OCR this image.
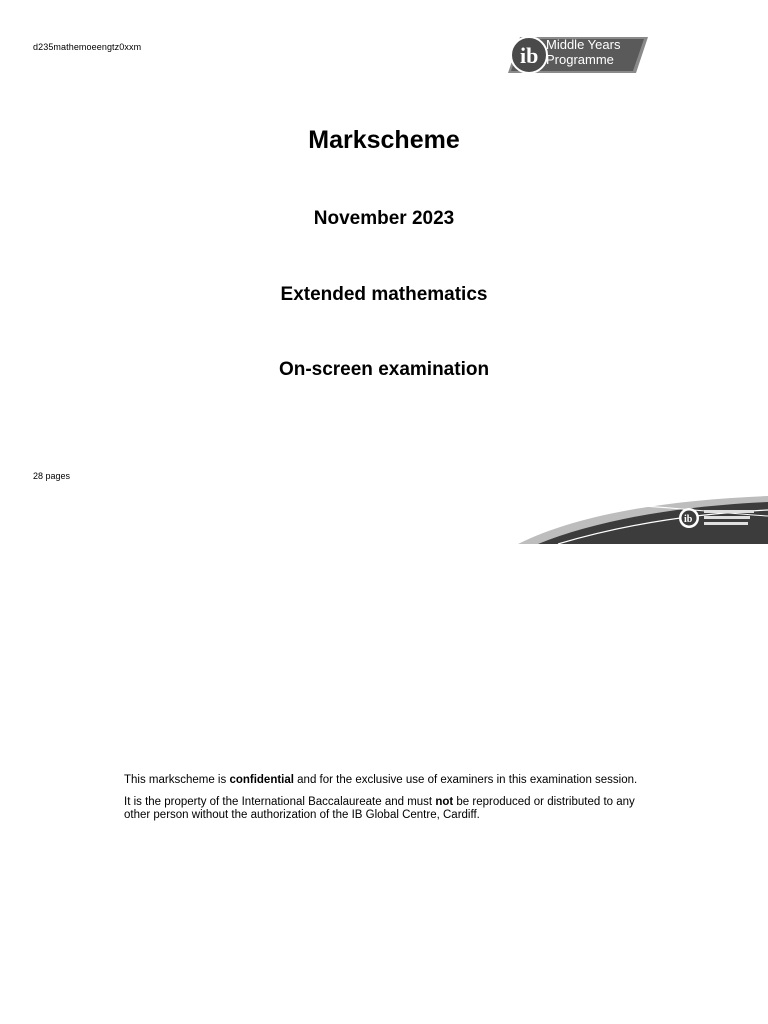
d235mathemoeengtz0xxm	ib Middle Years
Programme
Markscheme
November 2023
Extended mathematics
On-screen examination
28 pages
ib

This markscheme is confidential and for the exclusive use of examiners in this examination session.

It is the property of the International Baccalaureate and must not be reproduced or distributed to any other person without the authorization of the IB Global Centre, Cardiff.
